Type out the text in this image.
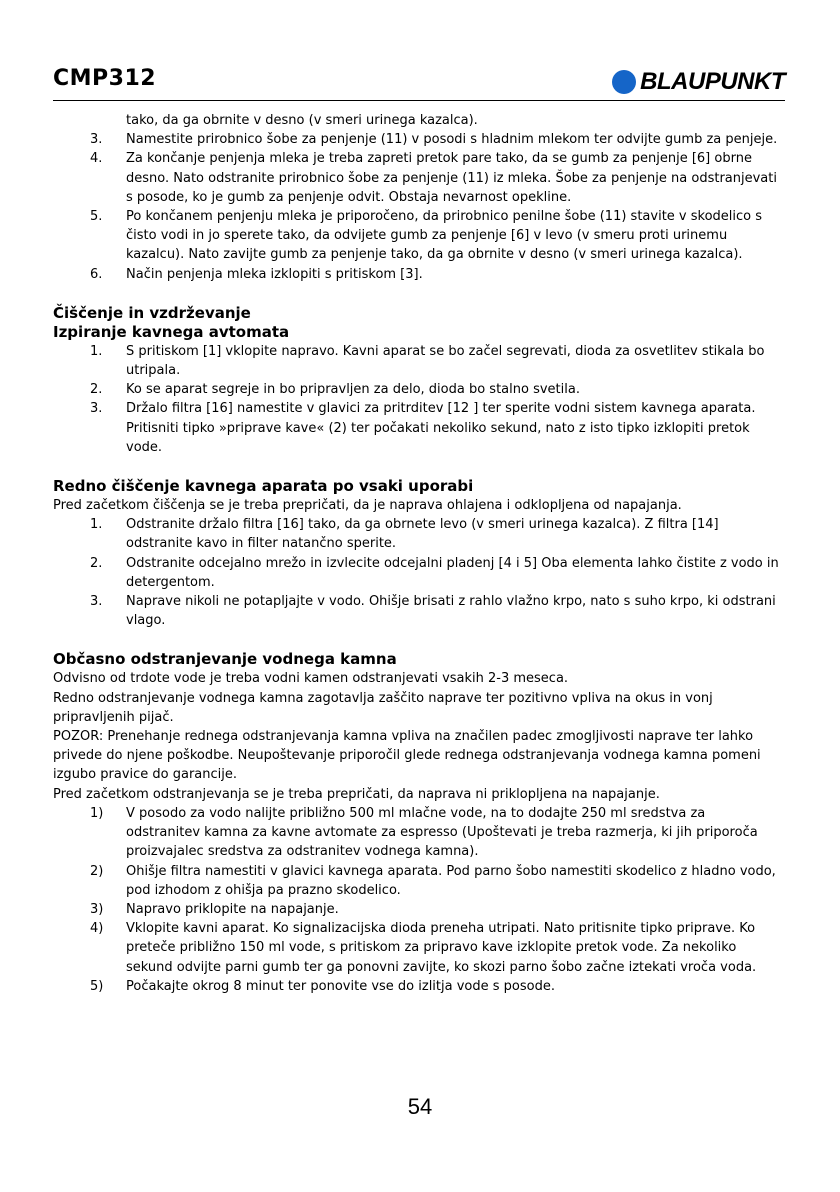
CMP312	BLAUPUNKT
tako, da ga obrnite v desno (v smeri urinega kazalca).
3. Namestite prirobnico šobe za penjenje (11) v posodi s hladnim mlekom ter odvijte gumb za penjeje.
4. Za končanje penjenja mleka je treba zapreti pretok pare tako, da se gumb za penjenje [6] obrne desno. Nato odstranite prirobnico šobe za penjenje (11) iz mleka. Šobe za penjenje na odstranjevati s posode, ko je gumb za penjenje odvit. Obstaja nevarnost opekline.
5. Po končanem penjenju mleka je priporočeno, da prirobnico penilne šobe (11) stavite v skodelico s čisto vodi in jo sperete tako, da odvijete gumb za penjenje [6] v levo (v smeru proti urinemu kazalcu). Nato zavijte gumb za penjenje tako, da ga obrnite v desno (v smeri urinega kazalca).
6. Način penjenja mleka izklopiti s pritiskom [3].

Čiščenje in vzdrževanje

Izpiranje kavnega avtomata

1. S pritiskom [1] vklopite napravo. Kavni aparat se bo začel segrevati, dioda za osvetlitev stikala bo utripala.
2. Ko se aparat segreje in bo pripravljen za delo, dioda bo stalno svetila.
3. Držalo filtra [16] namestite v glavici za pritrditev [12 ] ter sperite vodni sistem kavnega aparata. Pritisniti tipko »priprave kave« (2) ter počakati nekoliko sekund, nato z isto tipko izklopiti pretok vode.

Redno čiščenje kavnega aparata po vsaki uporabi

Pred začetkom čiščenja se je treba prepričati, da je naprava ohlajena i odklopljena od napajanja.

1. Odstranite držalo filtra [16] tako, da ga obrnete levo (v smeri urinega kazalca). Z filtra [14] odstranite kavo in filter natančno sperite.
2. Odstranite odcejalno mrežo in izvlecite odcejalni pladenj [4 i 5] Oba elementa lahko čistite z vodo in detergentom.
3. Naprave nikoli ne potapljajte v vodo. Ohišje brisati z rahlo vlažno krpo, nato s suho krpo, ki odstrani vlago.

Občasno odstranjevanje vodnega kamna

Odvisno od trdote vode je treba vodni kamen odstranjevati vsakih 2-3 meseca.

Redno odstranjevanje vodnega kamna zagotavlja zaščito naprave ter pozitivno vpliva na okus in vonj pripravljenih pijač.

POZOR: Prenehanje rednega odstranjevanja kamna vpliva na značilen padec zmogljivosti naprave ter lahko privede do njene poškodbe. Neupoštevanje priporočil glede rednega odstranjevanja vodnega kamna pomeni izgubo pravice do garancije.

Pred začetkom odstranjevanja se je treba prepričati, da naprava ni priklopljena na napajanje.

1) V posodo za vodo nalijte približno 500 ml mlačne vode, na to dodajte 250 ml sredstva za odstranitev kamna za kavne avtomate za espresso (Upoštevati je treba razmerja, ki jih priporoča proizvajalec sredstva za odstranitev vodnega kamna).
2) Ohišje filtra namestiti v glavici kavnega aparata. Pod parno šobo namestiti skodelico z hladno vodo, pod izhodom z ohišja pa prazno skodelico.
3) Napravo priklopite na napajanje.
4) Vklopite kavni aparat. Ko signalizacijska dioda preneha utripati. Nato pritisnite tipko priprave. Ko preteče približno 150 ml vode, s pritiskom za pripravo kave izklopite pretok vode. Za nekoliko sekund odvijte parni gumb ter ga ponovni zavijte, ko skozi parno šobo začne iztekati vroča voda.
5) Počakajte okrog 8 minut ter ponovite vse do izlitja vode s posode.
54
